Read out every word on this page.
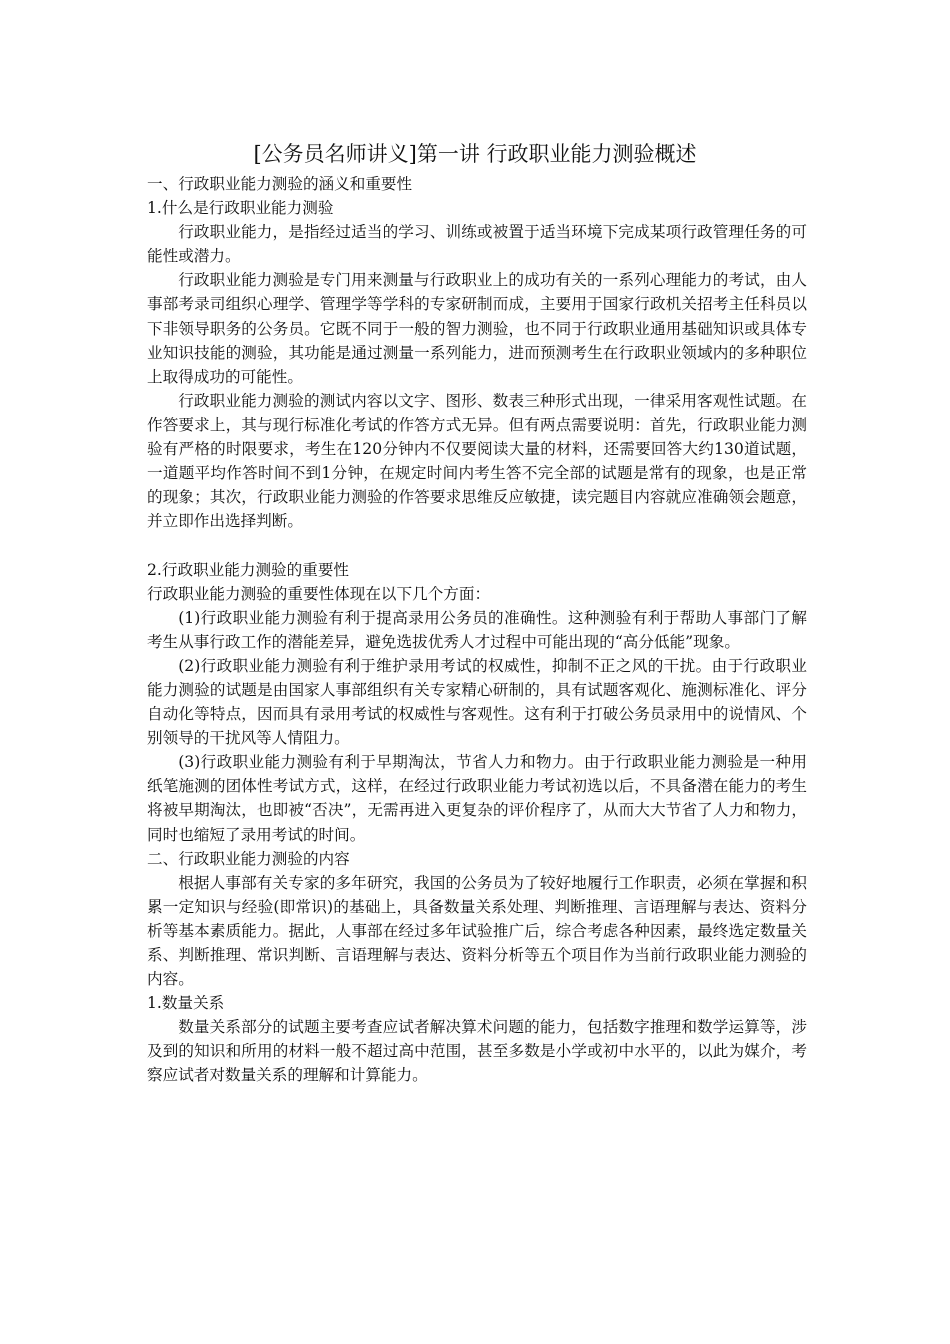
[公务员名师讲义]第一讲 行政职业能力测验概述

一、行政职业能力测验的涵义和重要性

1.什么是行政职业能力测验

行政职业能力，是指经过适当的学习、训练或被置于适当环境下完成某项行政管理任务的可能性或潜力。

行政职业能力测验是专门用来测量与行政职业上的成功有关的一系列心理能力的考试，由人事部考录司组织心理学、管理学等学科的专家研制而成，主要用于国家行政机关招考主任科员以下非领导职务的公务员。它既不同于一般的智力测验，也不同于行政职业通用基础知识或具体专业知识技能的测验，其功能是通过测量一系列能力，进而预测考生在行政职业领域内的多种职位上取得成功的可能性。

行政职业能力测验的测试内容以文字、图形、数表三种形式出现，一律采用客观性试题。在作答要求上，其与现行标准化考试的作答方式无异。但有两点需要说明：首先，行政职业能力测验有严格的时限要求，考生在120分钟内不仅要阅读大量的材料，还需要回答大约130道试题，一道题平均作答时间不到1分钟，在规定时间内考生答不完全部的试题是常有的现象，也是正常的现象；其次，行政职业能力测验的作答要求思维反应敏捷，读完题目内容就应准确领会题意，并立即作出选择判断。

2.行政职业能力测验的重要性

行政职业能力测验的重要性体现在以下几个方面：

(1)行政职业能力测验有利于提高录用公务员的准确性。这种测验有利于帮助人事部门了解考生从事行政工作的潜能差异，避免选拔优秀人才过程中可能出现的“高分低能”现象。

(2)行政职业能力测验有利于维护录用考试的权威性，抑制不正之风的干扰。由于行政职业能力测验的试题是由国家人事部组织有关专家精心研制的，具有试题客观化、施测标准化、评分自动化等特点，因而具有录用考试的权威性与客观性。这有利于打破公务员录用中的说情风、个别领导的干扰风等人情阻力。

(3)行政职业能力测验有利于早期淘汰，节省人力和物力。由于行政职业能力测验是一种用纸笔施测的团体性考试方式，这样，在经过行政职业能力考试初选以后，不具备潜在能力的考生将被早期淘汰，也即被“否决”，无需再进入更复杂的评价程序了，从而大大节省了人力和物力，同时也缩短了录用考试的时间。

二、行政职业能力测验的内容

根据人事部有关专家的多年研究，我国的公务员为了较好地履行工作职责，必须在掌握和积累一定知识与经验(即常识)的基础上，具备数量关系处理、判断推理、言语理解与表达、资料分析等基本素质能力。据此，人事部在经过多年试验推广后，综合考虑各种因素，最终选定数量关系、判断推理、常识判断、言语理解与表达、资料分析等五个项目作为当前行政职业能力测验的内容。

1.数量关系

数量关系部分的试题主要考查应试者解决算术问题的能力，包括数字推理和数学运算等，涉及到的知识和所用的材料一般不超过高中范围，甚至多数是小学或初中水平的，以此为媒介，考察应试者对数量关系的理解和计算能力。
